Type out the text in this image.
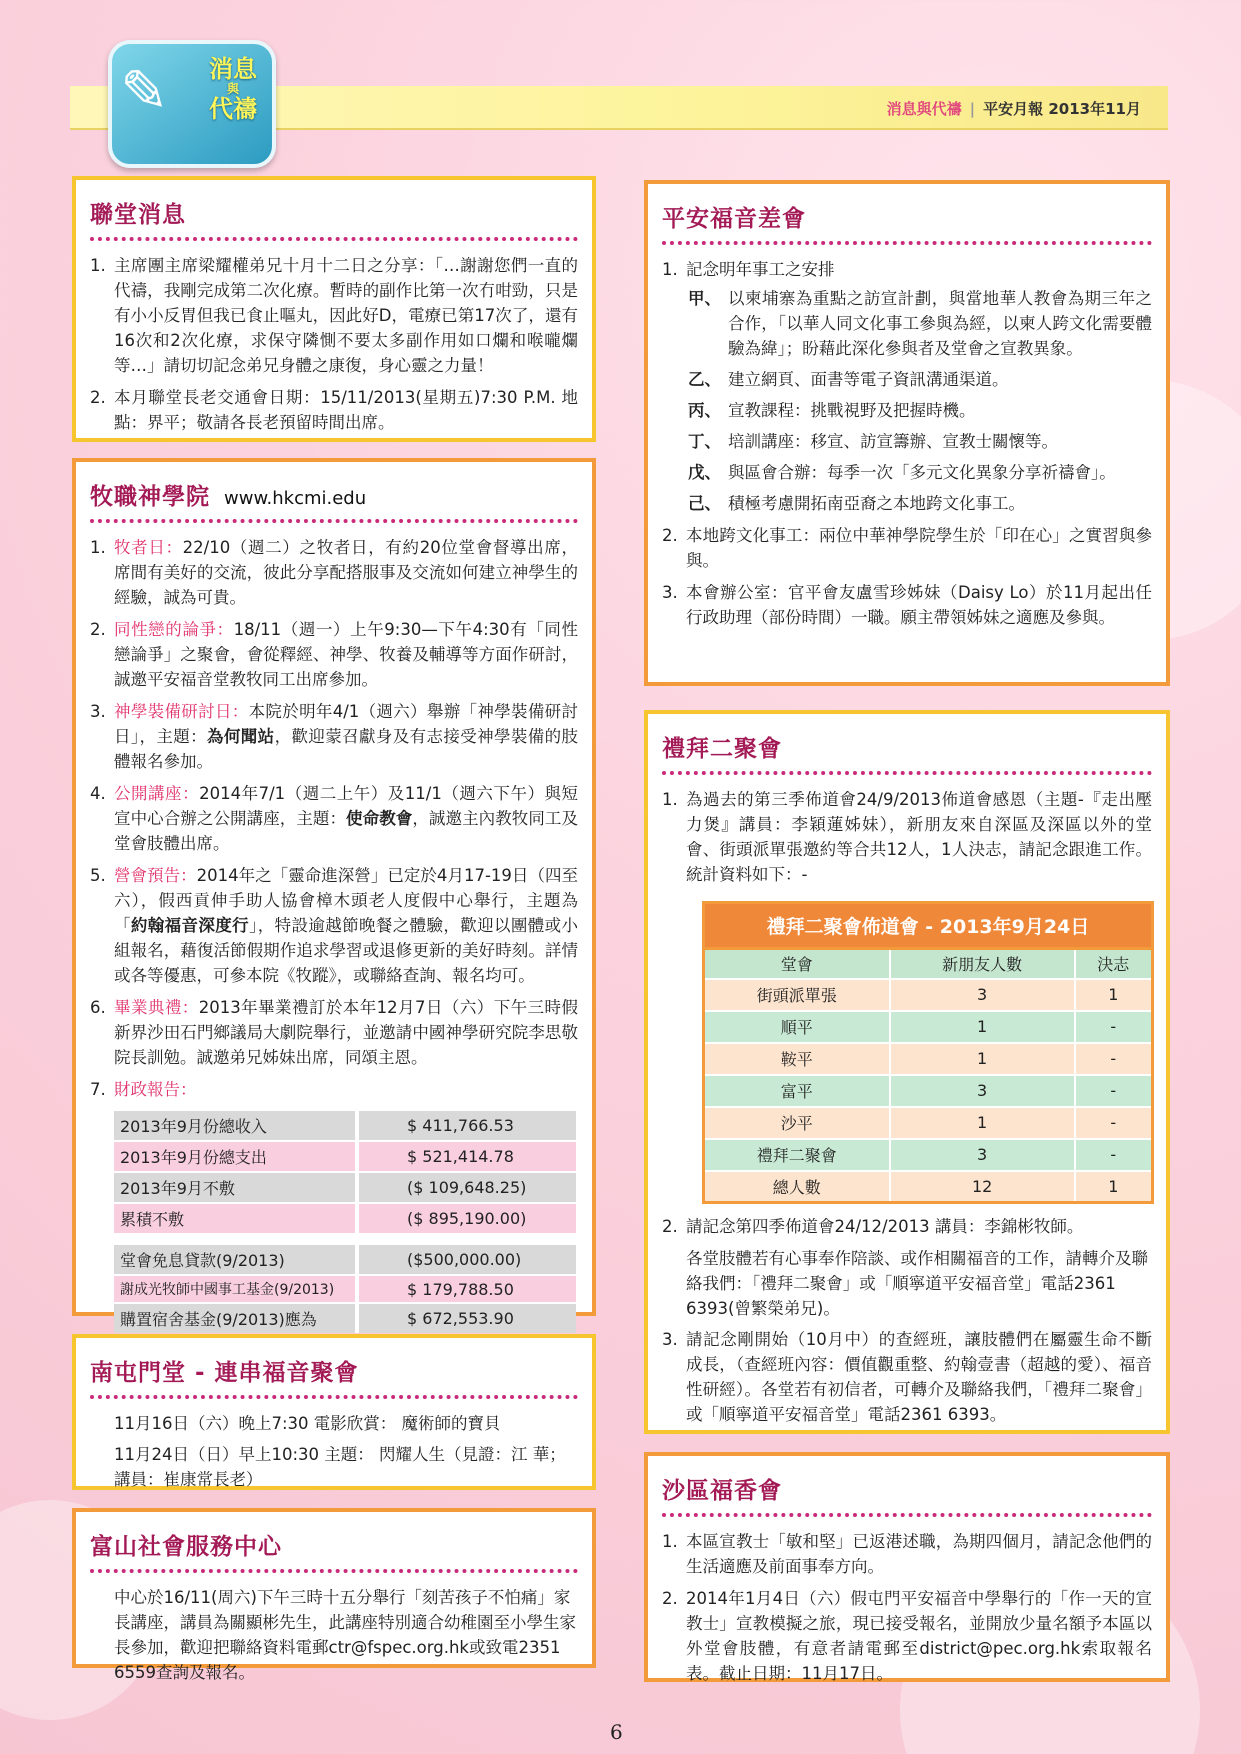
✎	消息
與
代禱	消息與代禱 | 平安月報 2013年11月
聯堂消息
1. 主席團主席梁耀權弟兄十月十二日之分享：「…謝謝您們一直的代禱，我剛完成第二次化療。暫時的副作比第一次冇咁勁，只是有小小反胃但我已食止嘔丸，因此好D，電療已第17次了，還有16次和2次化療，求保守隣惻不要太多副作用如口爛和喉嚨爛等…」請切切記念弟兄身體之康復，身心靈之力量！
2. 本月聯堂長老交通會日期：15/11/2013(星期五)7:30 P.M. 地點：界平；敬請各長老預留時間出席。
牧職神學院 www.hkcmi.edu
1. 牧者日：22/10（週二）之牧者日，有約20位堂會督導出席，席間有美好的交流，彼此分享配搭服事及交流如何建立神學生的經驗，誠為可貴。
2. 同性戀的論爭：18/11（週一）上午9:30—下午4:30有「同性戀論爭」之聚會，會從釋經、神學、牧養及輔導等方面作研討，誠邀平安福音堂教牧同工出席參加。
3. 神學裝備研討日：本院於明年4/1（週六）舉辦「神學裝備研討日」，主題：為何聞站，歡迎蒙召獻身及有志接受神學裝備的肢體報名參加。
4. 公開講座：2014年7/1（週二上午）及11/1（週六下午）與短宣中心合辦之公開講座，主題：使命教會，誠邀主內教牧同工及堂會肢體出席。
5. 營會預告：2014年之「靈命進深營」已定於4月17-19日（四至六），假西貢伸手助人協會樟木頭老人度假中心舉行，主題為「約翰福音深度行」，特設逾越節晚餐之體驗，歡迎以團體或小組報名，藉復活節假期作追求學習或退修更新的美好時刻。詳情或各等優惠，可參本院《牧蹤》，或聯絡查詢、報名均可。
6. 畢業典禮：2013年畢業禮訂於本年12月7日（六）下午三時假新界沙田石門鄉議局大劇院舉行，並邀請中國神學研究院李思敬院長訓勉。誠邀弟兄姊妹出席，同頌主恩。
7. 財政報告：
2013年9月份總收入	$ 411,766.53
2013年9月份總支出	$ 521,414.78
2013年9月不敷	($ 109,648.25)
累積不敷	($ 895,190.00)
堂會免息貸款(9/2013)	($500,000.00)
謝成光牧師中國事工基金(9/2013)	$ 179,788.50
購置宿舍基金(9/2013)應為	$ 672,553.90
南屯門堂 - 連串福音聚會

11月16日（六）晚上7:30 電影欣賞： 魔術師的寶貝

11月24日（日）早上10:30 主題： 閃耀人生（見證：江 華；講員：崔康常長老）

富山社會服務中心

中心於16/11(周六)下午三時十五分舉行「刻苦孩子不怕痛」家長講座，講員為關顯彬先生，此講座特別適合幼稚園至小學生家長參加，歡迎把聯絡資料電郵ctr@fspec.org.hk或致電2351 6559查詢及報名。

平安福音差會
1. 記念明年事工之安排
甲、 以柬埔寨為重點之訪宣計劃，與當地華人教會為期三年之合作，「以華人同文化事工參與為經，以柬人跨文化需要體驗為緯」；盼藉此深化參與者及堂會之宣教異象。
乙、 建立網頁、面書等電子資訊溝通渠道。
丙、 宣教課程：挑戰視野及把握時機。
丁、 培訓講座：移宣、訪宣籌辦、宣教士關懷等。
戊、 與區會合辦：每季一次「多元文化異象分享祈禱會」。
己、 積極考慮開拓南亞裔之本地跨文化事工。
2. 本地跨文化事工：兩位中華神學院學生於「印在心」之實習與參與。
3. 本會辦公室：官平會友盧雪珍姊妹（Daisy Lo）於11月起出任行政助理（部份時間）一職。願主帶領姊妹之適應及參與。
禮拜二聚會
1. 為過去的第三季佈道會24/9/2013佈道會感恩（主題-『走出壓力煲』講員：李穎蓮姊妹），新朋友來自深區及深區以外的堂會、街頭派單張邀約等合共12人，1人決志，請記念跟進工作。統計資料如下：-
禮拜二聚會佈道會 - 2013年9月24日
堂會	新朋友人數	決志
街頭派單張	3	1
順平	1	-
鞍平	1	-
富平	3	-
沙平	1	-
禮拜二聚會	3	-
總人數	12	1
2. 請記念第四季佈道會24/12/2013 講員：李錦彬牧師。

各堂肢體若有心事奉作陪談、或作相關福音的工作，請轉介及聯絡我們：「禮拜二聚會」或「順寧道平安福音堂」電話2361 6393(曾繁榮弟兄)。

3. 請記念剛開始（10月中）的查經班，讓肢體們在屬靈生命不斷成長，（查經班內容：價值觀重整、約翰壹書（超越的愛）、福音性研經）。各堂若有初信者，可轉介及聯絡我們，「禮拜二聚會」或「順寧道平安福音堂」電話2361 6393。
沙區福香會
1. 本區宣教士「敏和堅」已返港述職，為期四個月，請記念他們的生活適應及前面事奉方向。
2. 2014年1月4日（六）假屯門平安福音中學舉行的「作一天的宣教士」宣教模擬之旅，現已接受報名，並開放少量名額予本區以外堂會肢體，有意者請電郵至district@pec.org.hk索取報名表。截止日期：11月17日。
6
